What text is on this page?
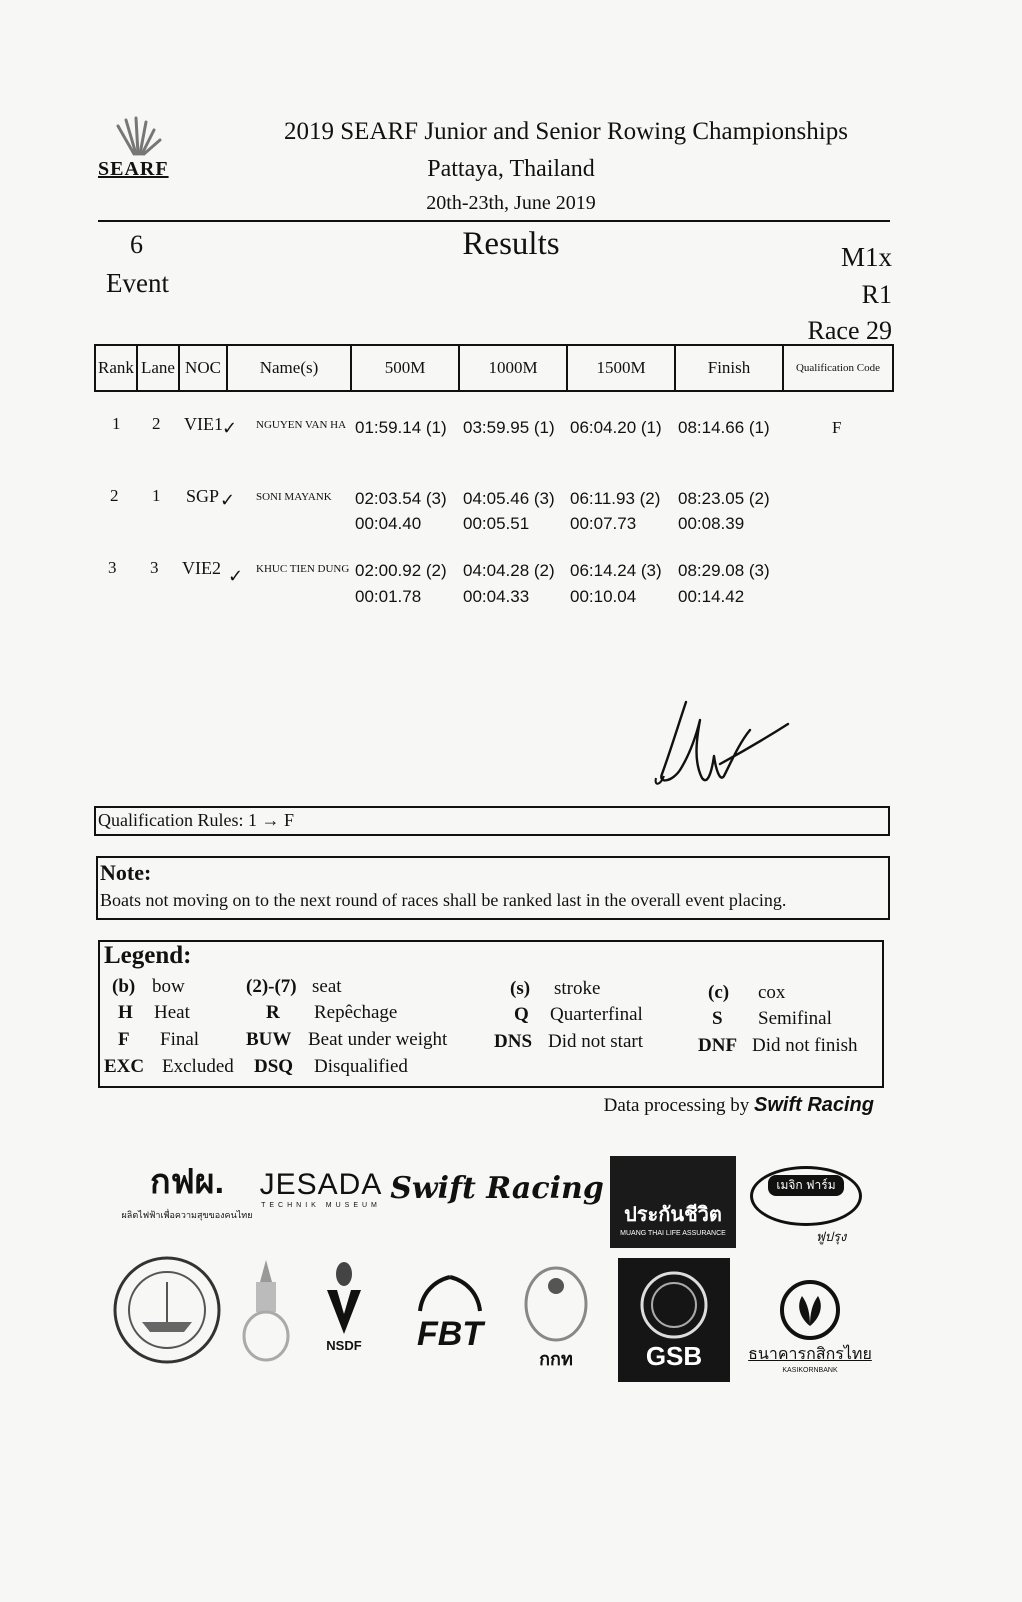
SEARF
2019 SEARF Junior and Senior Rowing Championships
Pattaya, Thailand
20th-23th, June 2019
6
Event
Results	M1x
R1
Race 29
Rank Lane NOC	Name(s)	500M	1000M	1500M	Finish	Qualification Code
1 2 VIE1 ✓ NGUYEN VAN HA 01:59.14 (1) 03:59.95 (1) 06:04.20 (1) 08:14.66 (1)	F
2 1 SGP ✓ SONI MAYANK 02:03.54 (3) 04:05.46 (3) 06:11.93 (2) 08:23.05 (2)
00:04.40 00:05.51 00:07.73 00:08.39
3 3 VIE2 ✓ KHUC TIEN DUNG 02:00.92 (2) 04:04.28 (2) 06:14.24 (3) 08:29.08 (3)
00:01.78 00:04.33 00:10.04 00:14.42
Qualification Rules: 1 → F
Note:
Boats not moving on to the next round of races shall be ranked last in the overall event placing.
Legend:
(b) bow	(2)-(7) seat	(s) stroke	(c) cox
H Heat	R Repêchage	Q Quarterfinal	S Semifinal
F Final BUW Beat under weight DNS Did not start	DNF Did not finish
EXC Excluded DSQ Disqualified
Data processing by Swift Racing
กฟผ.
ผลิตไฟฟ้าเพื่อความสุขของคนไทย
JESADA
TECHNIK MUSEUM Swift Racing
ประกันชีวิต
MUANG THAI LIFE ASSURANCE
เมจิก ฟาร์ม
ฟูปรุง
NSDF FBT
กกท	GSB	ธนาคารกสิกรไทย
KASIKORNBANK
